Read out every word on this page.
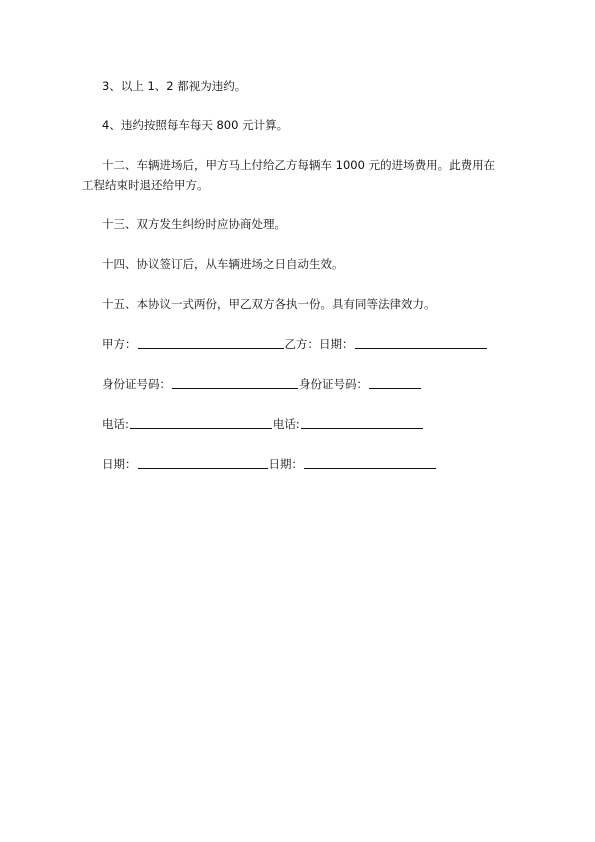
3、以上 1、2 都视为违约。

4、违约按照每车每天 800 元计算。

十二、车辆进场后，甲方马上付给乙方每辆车 1000 元的进场费用。此费用在工程结束时退还给甲方。

十三、双方发生纠纷时应协商处理。

十四、协议签订后，从车辆进场之日自动生效。

十五、本协议一式两份，甲乙双方各执一份。具有同等法律效力。

甲方：	乙方： 日期：
身份证号码：	身份证号码：
电话:	电话:
日期：	日期：
